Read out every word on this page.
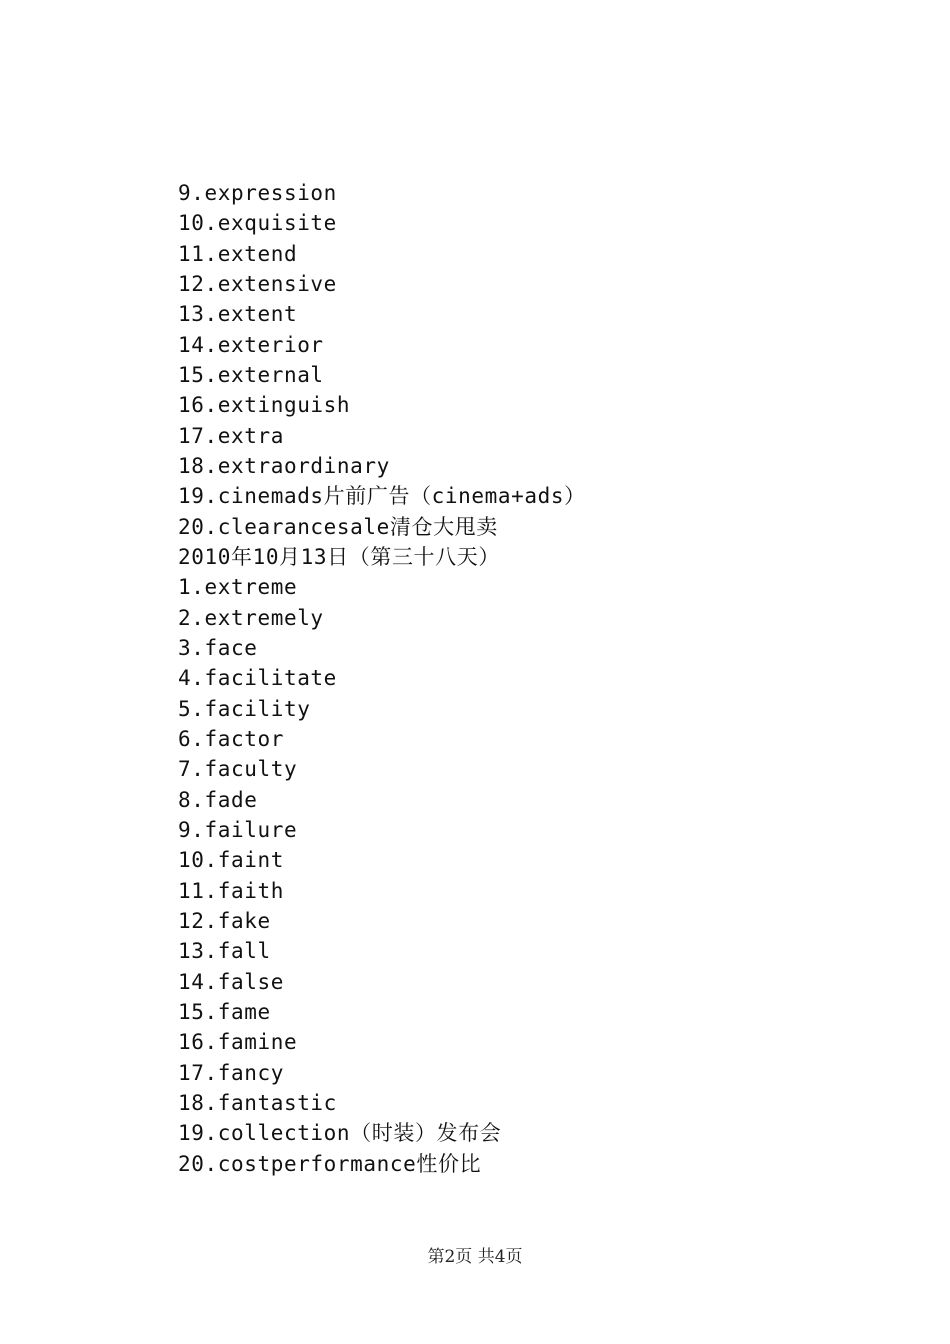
9.expression
10.exquisite
11.extend
12.extensive
13.extent
14.exterior
15.external
16.extinguish
17.extra
18.extraordinary
19.cinemads片前广告（cinema+ads）
20.clearancesale清仓大甩卖
2010年10月13日（第三十八天）
1.extreme
2.extremely
3.face
4.facilitate
5.facility
6.factor
7.faculty
8.fade
9.failure
10.faint
11.faith
12.fake
13.fall
14.false
15.fame
16.famine
17.fancy
18.fantastic
19.collection（时装）发布会
20.costperformance性价比
第2页 共4页
